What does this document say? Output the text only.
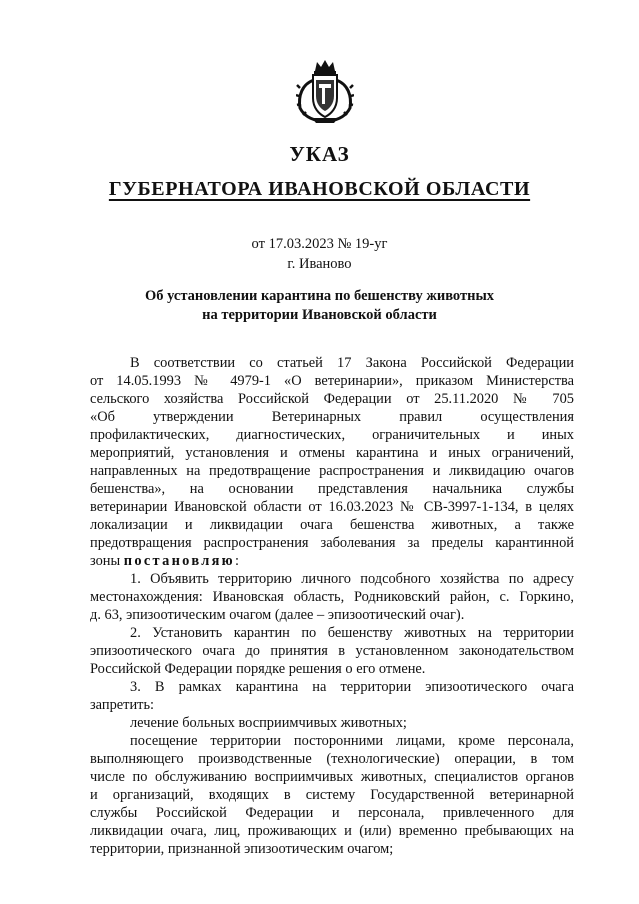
УКАЗ
ГУБЕРНАТОРА ИВАНОВСКОЙ ОБЛАСТИ
от 17.03.2023 № 19-уг
г. Иваново
Об установлении карантина по бешенству животных
на территории Ивановской области
В соответствии со статьей 17 Закона Российской Федерации
от 14.05.1993 № 4979-1 «О ветеринарии», приказом Министерства
сельского хозяйства Российской Федерации от 25.11.2020 № 705
«Об утверждении Ветеринарных правил осуществления
профилактических, диагностических, ограничительных и иных
мероприятий, установления и отмены карантина и иных ограничений,
направленных на предотвращение распространения и ликвидацию очагов
бешенства», на основании представления начальника службы
ветеринарии Ивановской области от 16.03.2023 № СВ-3997-1-134, в целях
локализации и ликвидации очага бешенства животных, а также
предотвращения распространения заболевания за пределы карантинной
зоны постановляю:
1. Объявить территорию личного подсобного хозяйства по адресу
местонахождения: Ивановская область, Родниковский район, с. Горкино,
д. 63, эпизоотическим очагом (далее – эпизоотический очаг).
2. Установить карантин по бешенству животных на территории
эпизоотического очага до принятия в установленном законодательством
Российской Федерации порядке решения о его отмене.
3. В рамках карантина на территории эпизоотического очага
запретить:
лечение больных восприимчивых животных;
посещение территории посторонними лицами, кроме персонала,
выполняющего производственные (технологические) операции, в том
числе по обслуживанию восприимчивых животных, специалистов органов
и организаций, входящих в систему Государственной ветеринарной
службы Российской Федерации и персонала, привлеченного для
ликвидации очага, лиц, проживающих и (или) временно пребывающих на
территории, признанной эпизоотическим очагом;
